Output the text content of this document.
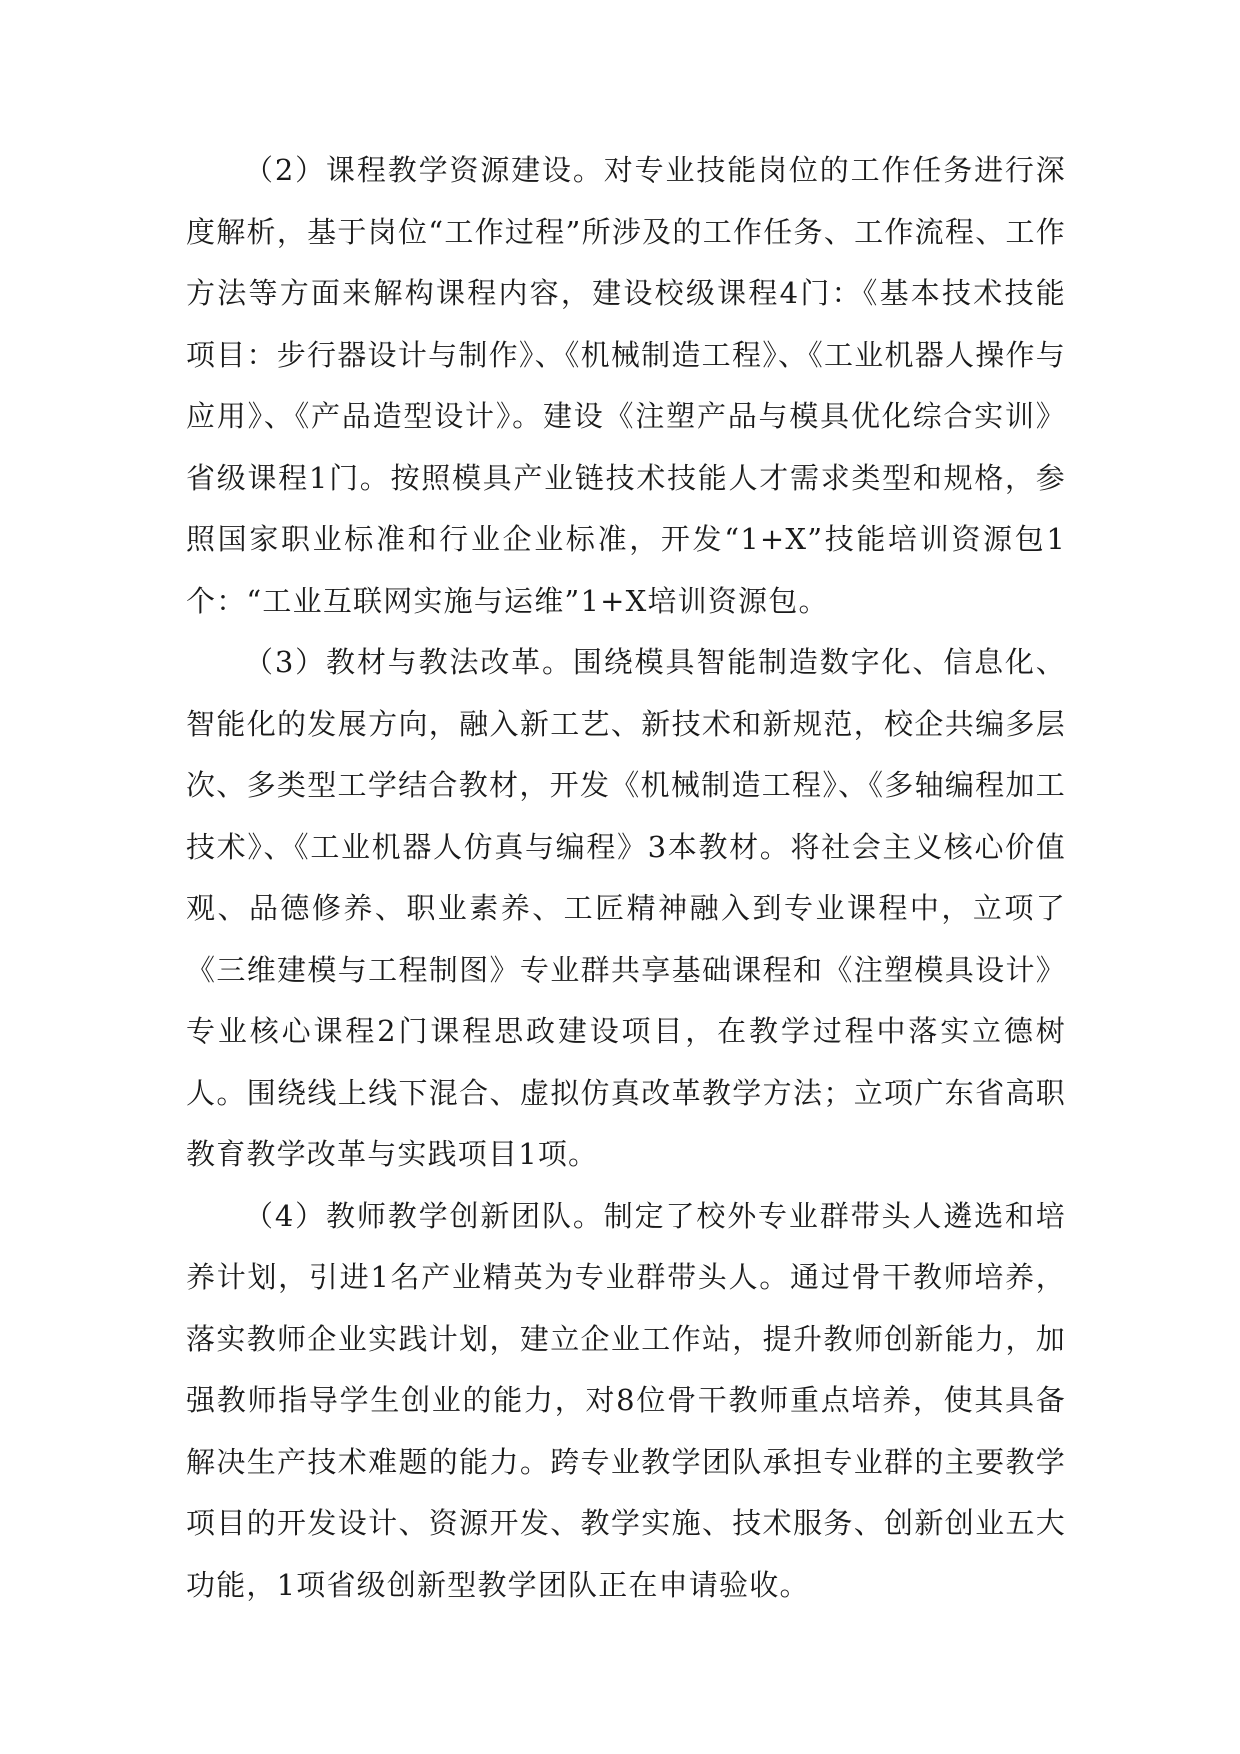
（2）课程教学资源建设。对专业技能岗位的工作任务进行深度解析，基于岗位“工作过程”所涉及的工作任务、工作流程、工作方法等方面来解构课程内容，建设校级课程4门：《基本技术技能项目：步行器设计与制作》、《机械制造工程》、《工业机器人操作与应用》、《产品造型设计》。建设《注塑产品与模具优化综合实训》省级课程1门。按照模具产业链技术技能人才需求类型和规格，参照国家职业标准和行业企业标准，开发“1+X”技能培训资源包1个：“工业互联网实施与运维”1+X培训资源包。

（3）教材与教法改革。围绕模具智能制造数字化、信息化、智能化的发展方向，融入新工艺、新技术和新规范，校企共编多层次、多类型工学结合教材，开发《机械制造工程》、《多轴编程加工技术》、《工业机器人仿真与编程》3本教材。将社会主义核心价值观、品德修养、职业素养、工匠精神融入到专业课程中，立项了《三维建模与工程制图》专业群共享基础课程和《注塑模具设计》专业核心课程2门课程思政建设项目，在教学过程中落实立德树人。围绕线上线下混合、虚拟仿真改革教学方法；立项广东省高职教育教学改革与实践项目1项。

（4）教师教学创新团队。制定了校外专业群带头人遴选和培养计划，引进1名产业精英为专业群带头人。通过骨干教师培养，落实教师企业实践计划，建立企业工作站，提升教师创新能力，加强教师指导学生创业的能力，对8位骨干教师重点培养，使其具备解决生产技术难题的能力。跨专业教学团队承担专业群的主要教学项目的开发设计、资源开发、教学实施、技术服务、创新创业五大功能，1项省级创新型教学团队正在申请验收。
